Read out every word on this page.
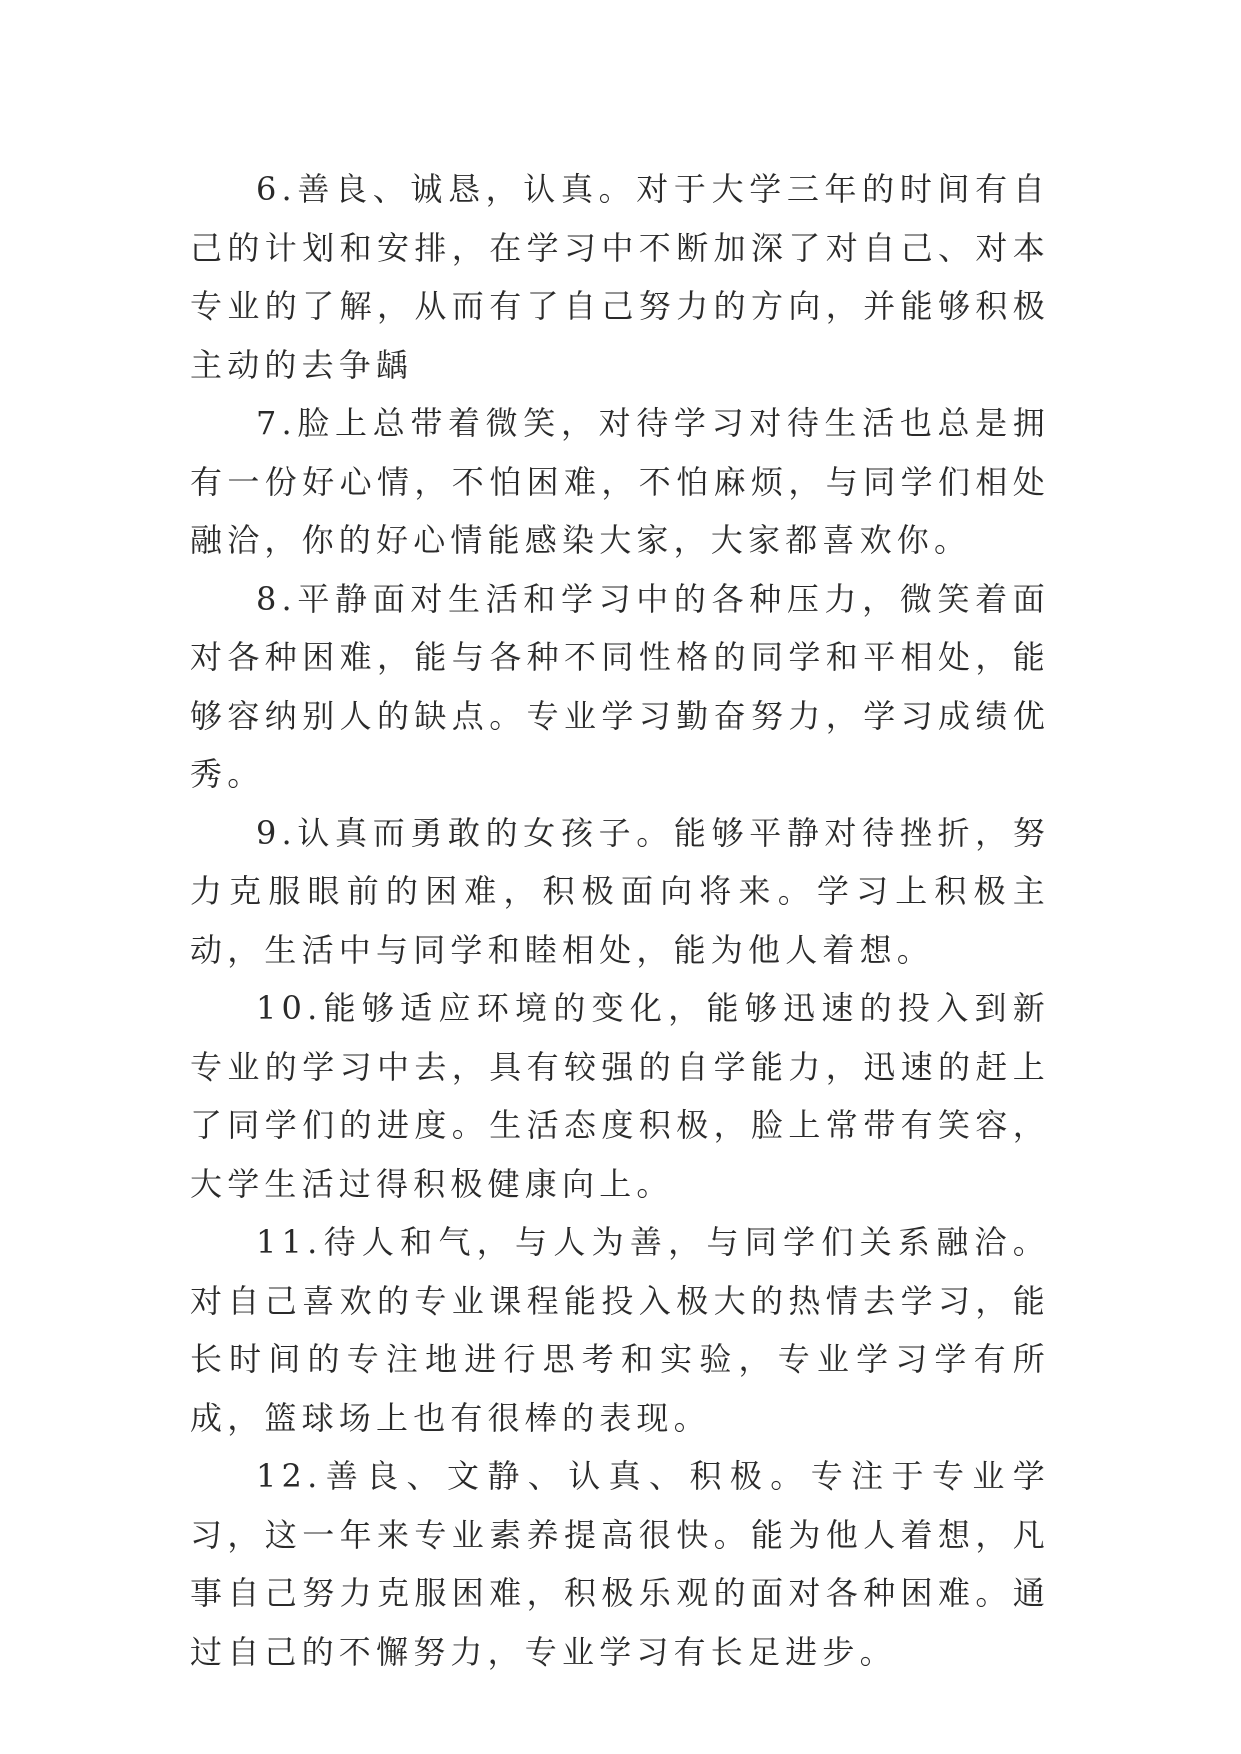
6.善良、诚恳，认真。对于大学三年的时间有自己的计划和安排，在学习中不断加深了对自己、对本专业的了解，从而有了自己努力的方向，并能够积极主动的去争龋

7.脸上总带着微笑，对待学习对待生活也总是拥有一份好心情，不怕困难，不怕麻烦，与同学们相处融洽，你的好心情能感染大家，大家都喜欢你。

8.平静面对生活和学习中的各种压力，微笑着面对各种困难，能与各种不同性格的同学和平相处，能够容纳别人的缺点。专业学习勤奋努力，学习成绩优秀。

9.认真而勇敢的女孩子。能够平静对待挫折，努力克服眼前的困难，积极面向将来。学习上积极主动，生活中与同学和睦相处，能为他人着想。

10.能够适应环境的变化，能够迅速的投入到新专业的学习中去，具有较强的自学能力，迅速的赶上了同学们的进度。生活态度积极，脸上常带有笑容，大学生活过得积极健康向上。

11.待人和气，与人为善，与同学们关系融洽。对自己喜欢的专业课程能投入极大的热情去学习，能长时间的专注地进行思考和实验，专业学习学有所成，篮球场上也有很棒的表现。

12.善良、文静、认真、积极。专注于专业学习，这一年来专业素养提高很快。能为他人着想，凡事自己努力克服困难，积极乐观的面对各种困难。通过自己的不懈努力，专业学习有长足进步。
